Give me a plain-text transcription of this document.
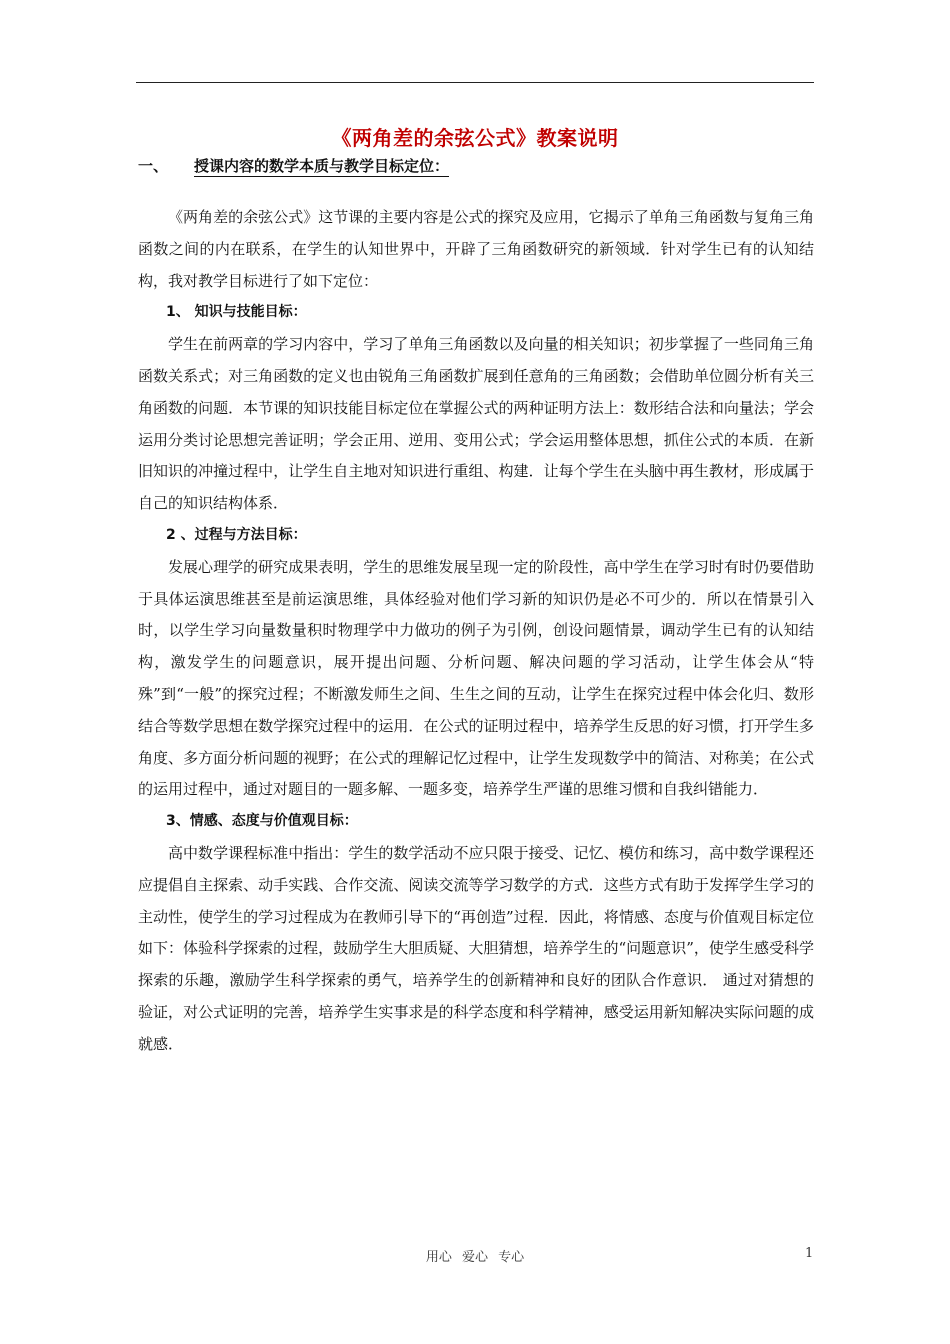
《两角差的余弦公式》教案说明
一、 授课内容的数学本质与教学目标定位：

《两角差的余弦公式》这节课的主要内容是公式的探究及应用，它揭示了单角三角函数与复角三角函数之间的内在联系，在学生的认知世界中，开辟了三角函数研究的新领域．针对学生已有的认知结构，我对教学目标进行了如下定位：

1、 知识与技能目标：

学生在前两章的学习内容中，学习了单角三角函数以及向量的相关知识；初步掌握了一些同角三角函数关系式；对三角函数的定义也由锐角三角函数扩展到任意角的三角函数；会借助单位圆分析有关三角函数的问题．本节课的知识技能目标定位在掌握公式的两种证明方法上：数形结合法和向量法；学会运用分类讨论思想完善证明；学会正用、逆用、变用公式；学会运用整体思想，抓住公式的本质．在新旧知识的冲撞过程中，让学生自主地对知识进行重组、构建．让每个学生在头脑中再生教材，形成属于自己的知识结构体系．

2 、过程与方法目标：

发展心理学的研究成果表明，学生的思维发展呈现一定的阶段性，高中学生在学习时有时仍要借助于具体运演思维甚至是前运演思维，具体经验对他们学习新的知识仍是必不可少的．所以在情景引入时，以学生学习向量数量积时物理学中力做功的例子为引例，创设问题情景，调动学生已有的认知结构，激发学生的问题意识，展开提出问题、分析问题、解决问题的学习活动，让学生体会从“特殊”到“一般”的探究过程；不断激发师生之间、生生之间的互动，让学生在探究过程中体会化归、数形结合等数学思想在数学探究过程中的运用．在公式的证明过程中，培养学生反思的好习惯，打开学生多角度、多方面分析问题的视野；在公式的理解记忆过程中，让学生发现数学中的简洁、对称美；在公式的运用过程中，通过对题目的一题多解、一题多变，培养学生严谨的思维习惯和自我纠错能力．

3、情感、态度与价值观目标：

高中数学课程标准中指出：学生的数学活动不应只限于接受、记忆、模仿和练习，高中数学课程还应提倡自主探索、动手实践、合作交流、阅读交流等学习数学的方式．这些方式有助于发挥学生学习的主动性，使学生的学习过程成为在教师引导下的“再创造”过程．因此，将情感、态度与价值观目标定位如下：体验科学探索的过程，鼓励学生大胆质疑、大胆猜想，培养学生的“问题意识”，使学生感受科学探索的乐趣，激励学生科学探索的勇气，培养学生的创新精神和良好的团队合作意识． 通过对猜想的验证，对公式证明的完善，培养学生实事求是的科学态度和科学精神，感受运用新知解决实际问题的成就感．

用心 爱心 专心	1
